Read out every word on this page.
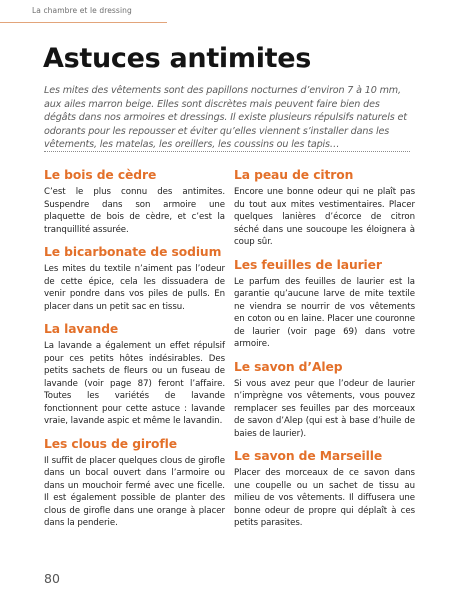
La chambre et le dressing
Astuces antimites

Les mites des vêtements sont des papillons nocturnes d’environ 7 à 10 mm, aux ailes marron beige. Elles sont discrètes mais peuvent faire bien des dégâts dans nos armoires et dressings. Il existe plusieurs répulsifs naturels et odorants pour les repousser et éviter qu’elles viennent s’installer dans les vêtements, les matelas, les oreillers, les coussins ou les tapis…

Le bois de cèdre

C’est le plus connu des antimites. Suspendre dans son armoire une plaquette de bois de cèdre, et c’est la tranquillité assurée.

Le bicarbonate de sodium

Les mites du textile n’aiment pas l’odeur de cette épice, cela les dissuadera de venir pondre dans vos piles de pulls. En placer dans un petit sac en tissu.

La lavande

La lavande a également un effet répulsif pour ces petits hôtes indésirables. Des petits sachets de fleurs ou un fuseau de lavande (voir page 87) feront l’affaire. Toutes les variétés de lavande fonctionnent pour cette astuce : lavande vraie, lavande aspic et même le lavandin.

Les clous de girofle

Il suffit de placer quelques clous de girofle dans un bocal ouvert dans l’armoire ou dans un mouchoir fermé avec une ficelle. Il est également possible de planter des clous de girofle dans une orange à placer dans la penderie.

La peau de citron

Encore une bonne odeur qui ne plaît pas du tout aux mites vestimentaires. Placer quelques lanières d’écorce de citron séché dans une soucoupe les éloignera à coup sûr.

Les feuilles de laurier

Le parfum des feuilles de laurier est la garantie qu’aucune larve de mite textile ne viendra se nourrir de vos vêtements en coton ou en laine. Placer une couronne de laurier (voir page 69) dans votre armoire.

Le savon d’Alep

Si vous avez peur que l’odeur de laurier n’imprègne vos vêtements, vous pouvez remplacer ses feuilles par des morceaux de savon d’Alep (qui est à base d’huile de baies de laurier).

Le savon de Marseille

Placer des morceaux de ce savon dans une coupelle ou un sachet de tissu au milieu de vos vêtements. Il diffusera une bonne odeur de propre qui déplaît à ces petits parasites.

80
